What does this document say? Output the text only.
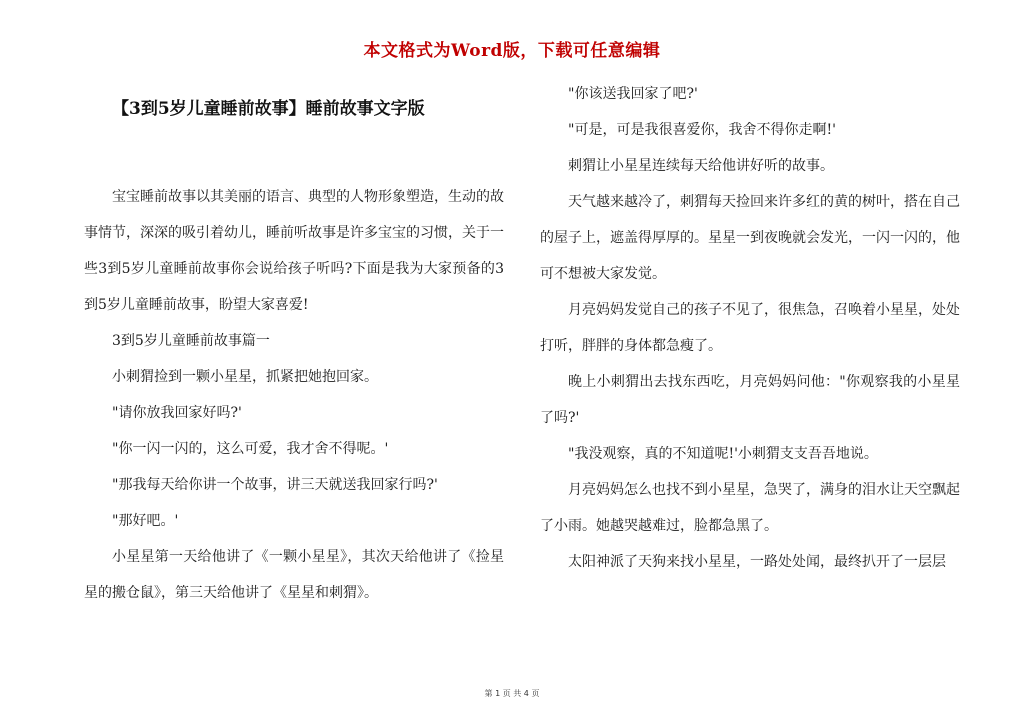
本文格式为Word版，下载可任意编辑
【3到5岁儿童睡前故事】睡前故事文字版

宝宝睡前故事以其美丽的语言、典型的人物形象塑造，生动的故事情节，深深的吸引着幼儿，睡前听故事是许多宝宝的习惯，关于一些3到5岁儿童睡前故事你会说给孩子听吗?下面是我为大家预备的3到5岁儿童睡前故事，盼望大家喜爱!

3到5岁儿童睡前故事篇一

小刺猬捡到一颗小星星，抓紧把她抱回家。

"请你放我回家好吗?'

"你一闪一闪的，这么可爱，我才舍不得呢。'

"那我每天给你讲一个故事，讲三天就送我回家行吗?'

"那好吧。'

小星星第一天给他讲了《一颗小星星》，其次天给他讲了《捡星星的搬仓鼠》，第三天给他讲了《星星和刺猬》。

"你该送我回家了吧?'

"可是，可是我很喜爱你，我舍不得你走啊!'

刺猬让小星星连续每天给他讲好听的故事。

天气越来越冷了，刺猬每天捡回来许多红的黄的树叶，搭在自己的屋子上，遮盖得厚厚的。星星一到夜晚就会发光，一闪一闪的，他可不想被大家发觉。

月亮妈妈发觉自己的孩子不见了，很焦急，召唤着小星星，处处打听，胖胖的身体都急瘦了。

晚上小刺猬出去找东西吃，月亮妈妈问他："你观察我的小星星了吗?'

"我没观察，真的不知道呢!'小刺猬支支吾吾地说。

月亮妈妈怎么也找不到小星星，急哭了，满身的泪水让天空飘起了小雨。她越哭越难过，脸都急黑了。

太阳神派了天狗来找小星星，一路处处闻，最终扒开了一层层

第 1 页 共 4 页
